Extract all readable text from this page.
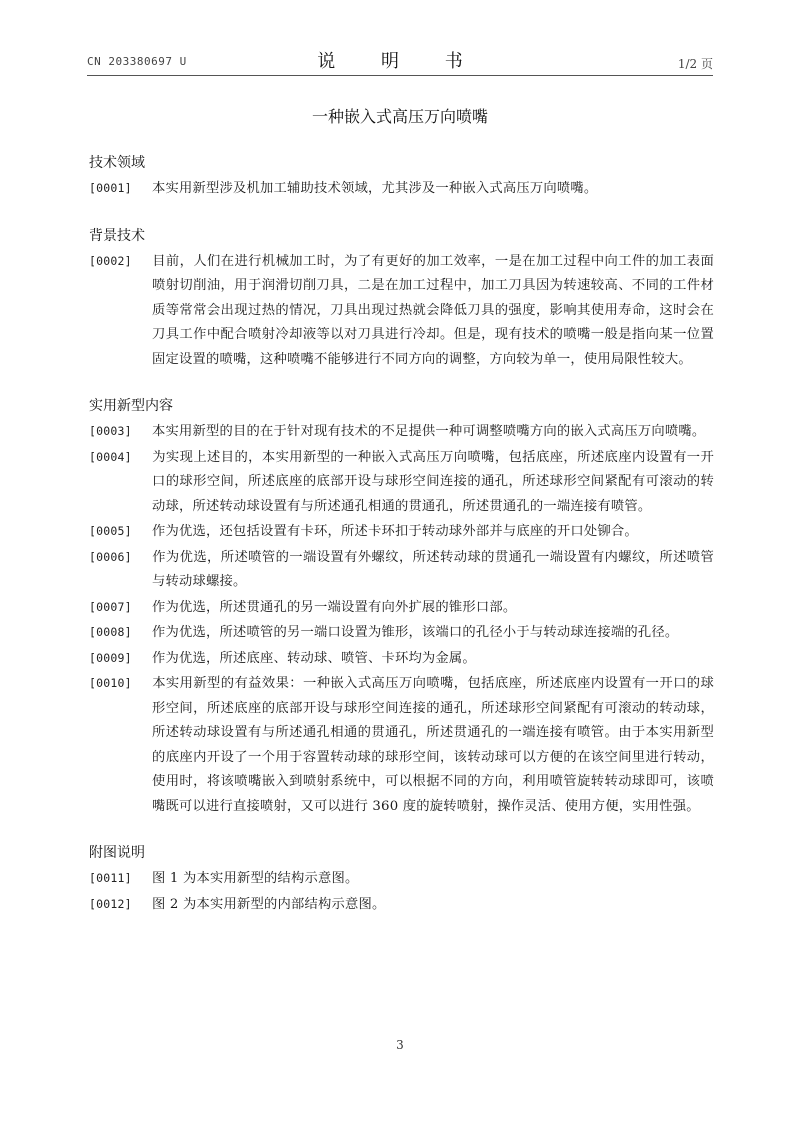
CN 203380697 U	说 明 书	1/2 页
一种嵌入式高压万向喷嘴
技术领域
[0001] 本实用新型涉及机加工辅助技术领域，尤其涉及一种嵌入式高压万向喷嘴。
背景技术
[0002] 目前，人们在进行机械加工时，为了有更好的加工效率，一是在加工过程中向工件的加工表面喷射切削油，用于润滑切削刀具，二是在加工过程中，加工刀具因为转速较高、不同的工件材质等常常会出现过热的情况，刀具出现过热就会降低刀具的强度，影响其使用寿命，这时会在刀具工作中配合喷射冷却液等以对刀具进行冷却。但是，现有技术的喷嘴一般是指向某一位置固定设置的喷嘴，这种喷嘴不能够进行不同方向的调整，方向较为单一，使用局限性较大。
实用新型内容
[0003] 本实用新型的目的在于针对现有技术的不足提供一种可调整喷嘴方向的嵌入式高压万向喷嘴。
[0004] 为实现上述目的，本实用新型的一种嵌入式高压万向喷嘴，包括底座，所述底座内设置有一开口的球形空间，所述底座的底部开设与球形空间连接的通孔，所述球形空间紧配有可滚动的转动球，所述转动球设置有与所述通孔相通的贯通孔，所述贯通孔的一端连接有喷管。
[0005] 作为优选，还包括设置有卡环，所述卡环扣于转动球外部并与底座的开口处铆合。
[0006] 作为优选，所述喷管的一端设置有外螺纹，所述转动球的贯通孔一端设置有内螺纹，所述喷管与转动球螺接。
[0007] 作为优选，所述贯通孔的另一端设置有向外扩展的锥形口部。
[0008] 作为优选，所述喷管的另一端口设置为锥形，该端口的孔径小于与转动球连接端的孔径。
[0009] 作为优选，所述底座、转动球、喷管、卡环均为金属。
[0010] 本实用新型的有益效果：一种嵌入式高压万向喷嘴，包括底座，所述底座内设置有一开口的球形空间，所述底座的底部开设与球形空间连接的通孔，所述球形空间紧配有可滚动的转动球，所述转动球设置有与所述通孔相通的贯通孔，所述贯通孔的一端连接有喷管。由于本实用新型的底座内开设了一个用于容置转动球的球形空间，该转动球可以方便的在该空间里进行转动，使用时，将该喷嘴嵌入到喷射系统中，可以根据不同的方向，利用喷管旋转转动球即可，该喷嘴既可以进行直接喷射，又可以进行 360 度的旋转喷射，操作灵活、使用方便，实用性强。
附图说明
[0011] 图 1 为本实用新型的结构示意图。
[0012] 图 2 为本实用新型的内部结构示意图。
3
